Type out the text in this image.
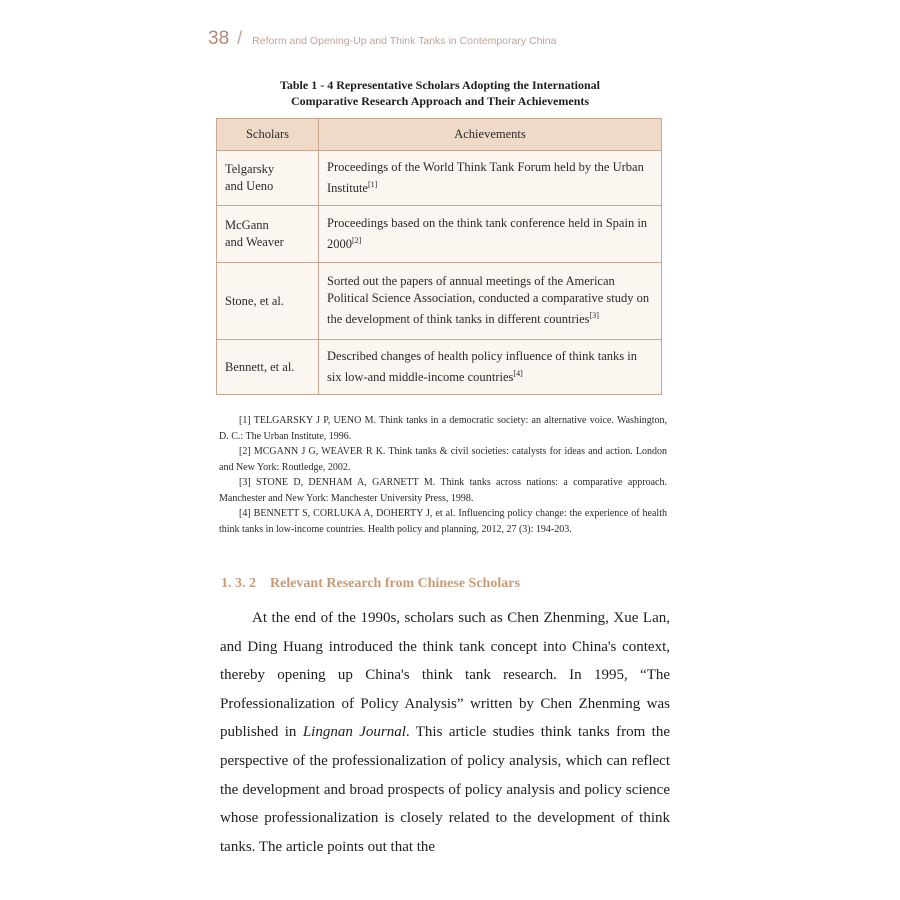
38 / Reform and Opening-Up and Think Tanks in Contemporary China
Table 1 - 4 Representative Scholars Adopting the International
Comparative Research Approach and Their Achievements
Scholars	Achievements

Telgarsky
and Ueno	Proceedings of the World Think Tank Forum held by the Urban Institute[1]

McGann
and Weaver	Proceedings based on the think tank conference held in Spain in 2000[2]

Stone, et al.	Sorted out the papers of annual meetings of the American Political Science Association, conducted a comparative study on the development of think tanks in different countries[3]

Bennett, et al.	Described changes of health policy influence of think tanks in six low-and middle-income countries[4]

[1] TELGARSKY J P, UENO M. Think tanks in a democratic society: an alternative voice. Washington, D. C.: The Urban Institute, 1996.

[2] MCGANN J G, WEAVER R K. Think tanks & civil societies: catalysts for ideas and action. London and New York: Routledge, 2002.

[3] STONE D, DENHAM A, GARNETT M. Think tanks across nations: a comparative approach. Manchester and New York: Manchester University Press, 1998.

[4] BENNETT S, CORLUKA A, DOHERTY J, et al. Influencing policy change: the experience of health think tanks in low-income countries. Health policy and planning, 2012, 27 (3): 194-203.

1. 3. 2 Relevant Research from Chinese Scholars

At the end of the 1990s, scholars such as Chen Zhenming, Xue Lan, and Ding Huang introduced the think tank concept into China's context, thereby opening up China's think tank research. In 1995, “The Professionalization of Policy Analysis” written by Chen Zhenming was published in Lingnan Journal. This article studies think tanks from the perspective of the professionalization of policy analysis, which can reflect the development and broad prospects of policy analysis and policy science whose professionalization is closely related to the development of think tanks. The article points out that the
